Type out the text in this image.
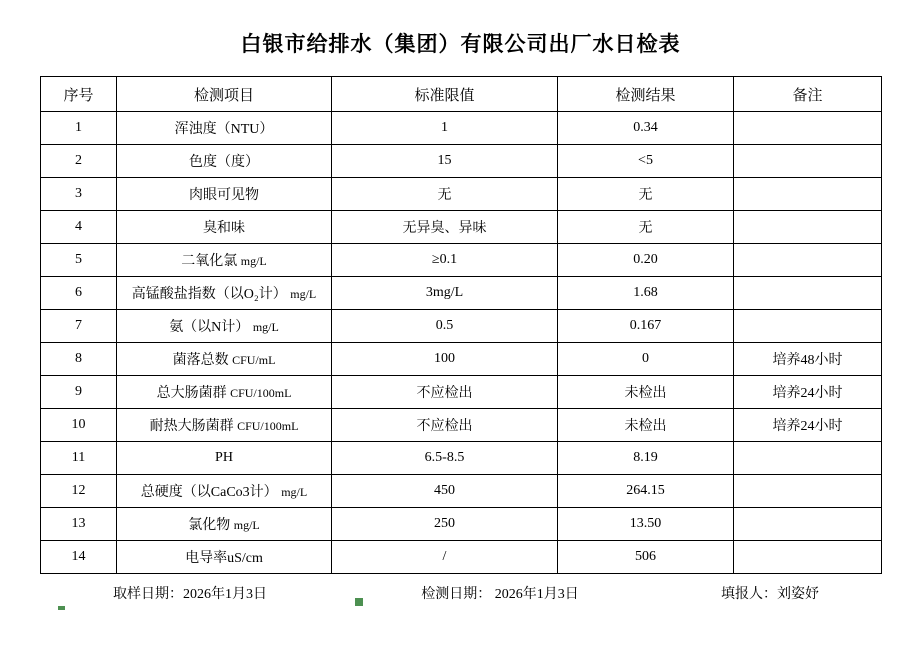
白银市给排水（集团）有限公司出厂水日检表
序号	检测项目	标准限值	检测结果	备注
1	浑浊度（NTU）	1	0.34	
2	色度（度）	15	<5	
3	肉眼可见物	无	无	
4	臭和味	无异臭、异味	无	
5	二氧化氯 mg/L	≥0.1	0.20	
6	高锰酸盐指数（以O₂计） mg/L	3mg/L	1.68	
7	氨（以N计） mg/L	0.5	0.167	
8	菌落总数 CFU/mL	100	0	培养48小时
9	总大肠菌群 CFU/100mL	不应检出	未检出	培养24小时
10	耐热大肠菌群 CFU/100mL	不应检出	未检出	培养24小时
11	PH	6.5-8.5	8.19	
12	总硬度（以CaCo3计） mg/L	450	264.15	
13	氯化物 mg/L	250	13.50	
14	电导率uS/cm	/	506	
取样日期：2026年1月3日	检测日期： 2026年1月3日	填报人：刘姿妤
